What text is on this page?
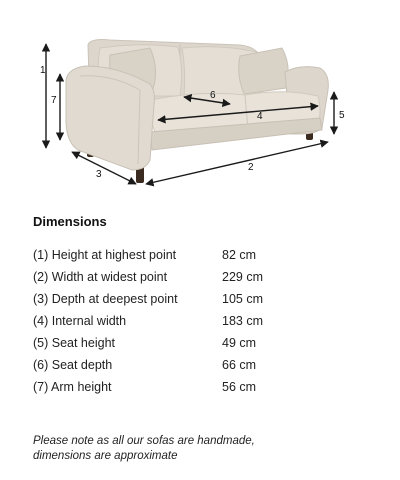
1
7	6
4	5
2
3
Dimensions
(1) Height at highest point	82 cm
(2) Width at widest point	229 cm
(3) Depth at deepest point	105 cm
(4) Internal width	183 cm
(5) Seat height	49 cm
(6) Seat depth	66 cm
(7) Arm height	56 cm
Please note as all our sofas are handmade,
dimensions are approximate
